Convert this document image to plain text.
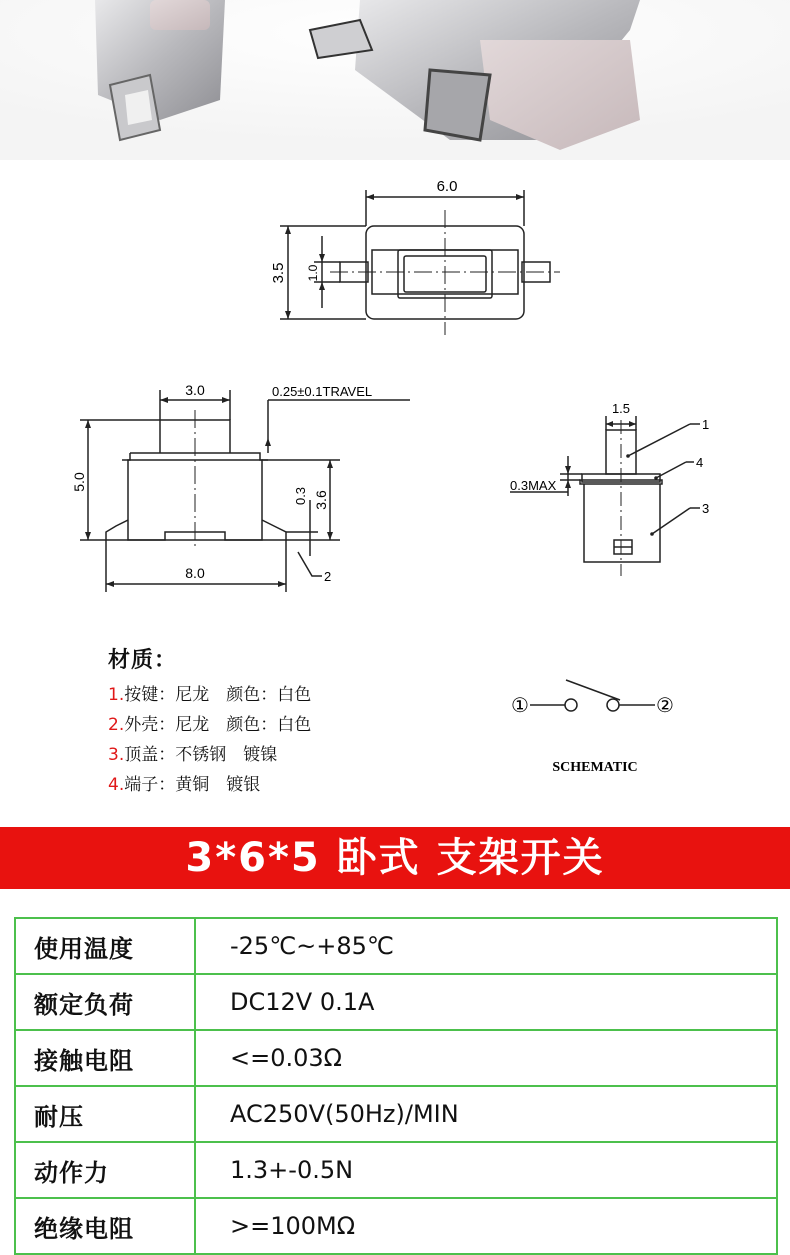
6.0
3.5 1.0
3.0	0.25±0.1TRAVEL
5.0
3.6
0.3
8.0	2
1.5
0.3MAX
1
4
3
材质：
1.按键：尼龙　颜色：白色
2.外壳：尼龙　颜色：白色
3.顶盖：不锈钢　镀镍
4.端子：黄铜　镀银
①	②
SCHEMATIC
3*6*5 卧式 支架开关
使用温度	-25℃~+85℃
额定负荷	DC12V 0.1A
接触电阻	<=0.03Ω
耐压	AC250V(50Hz)/MIN
动作力	1.3+-0.5N
绝缘电阻	>=100MΩ
